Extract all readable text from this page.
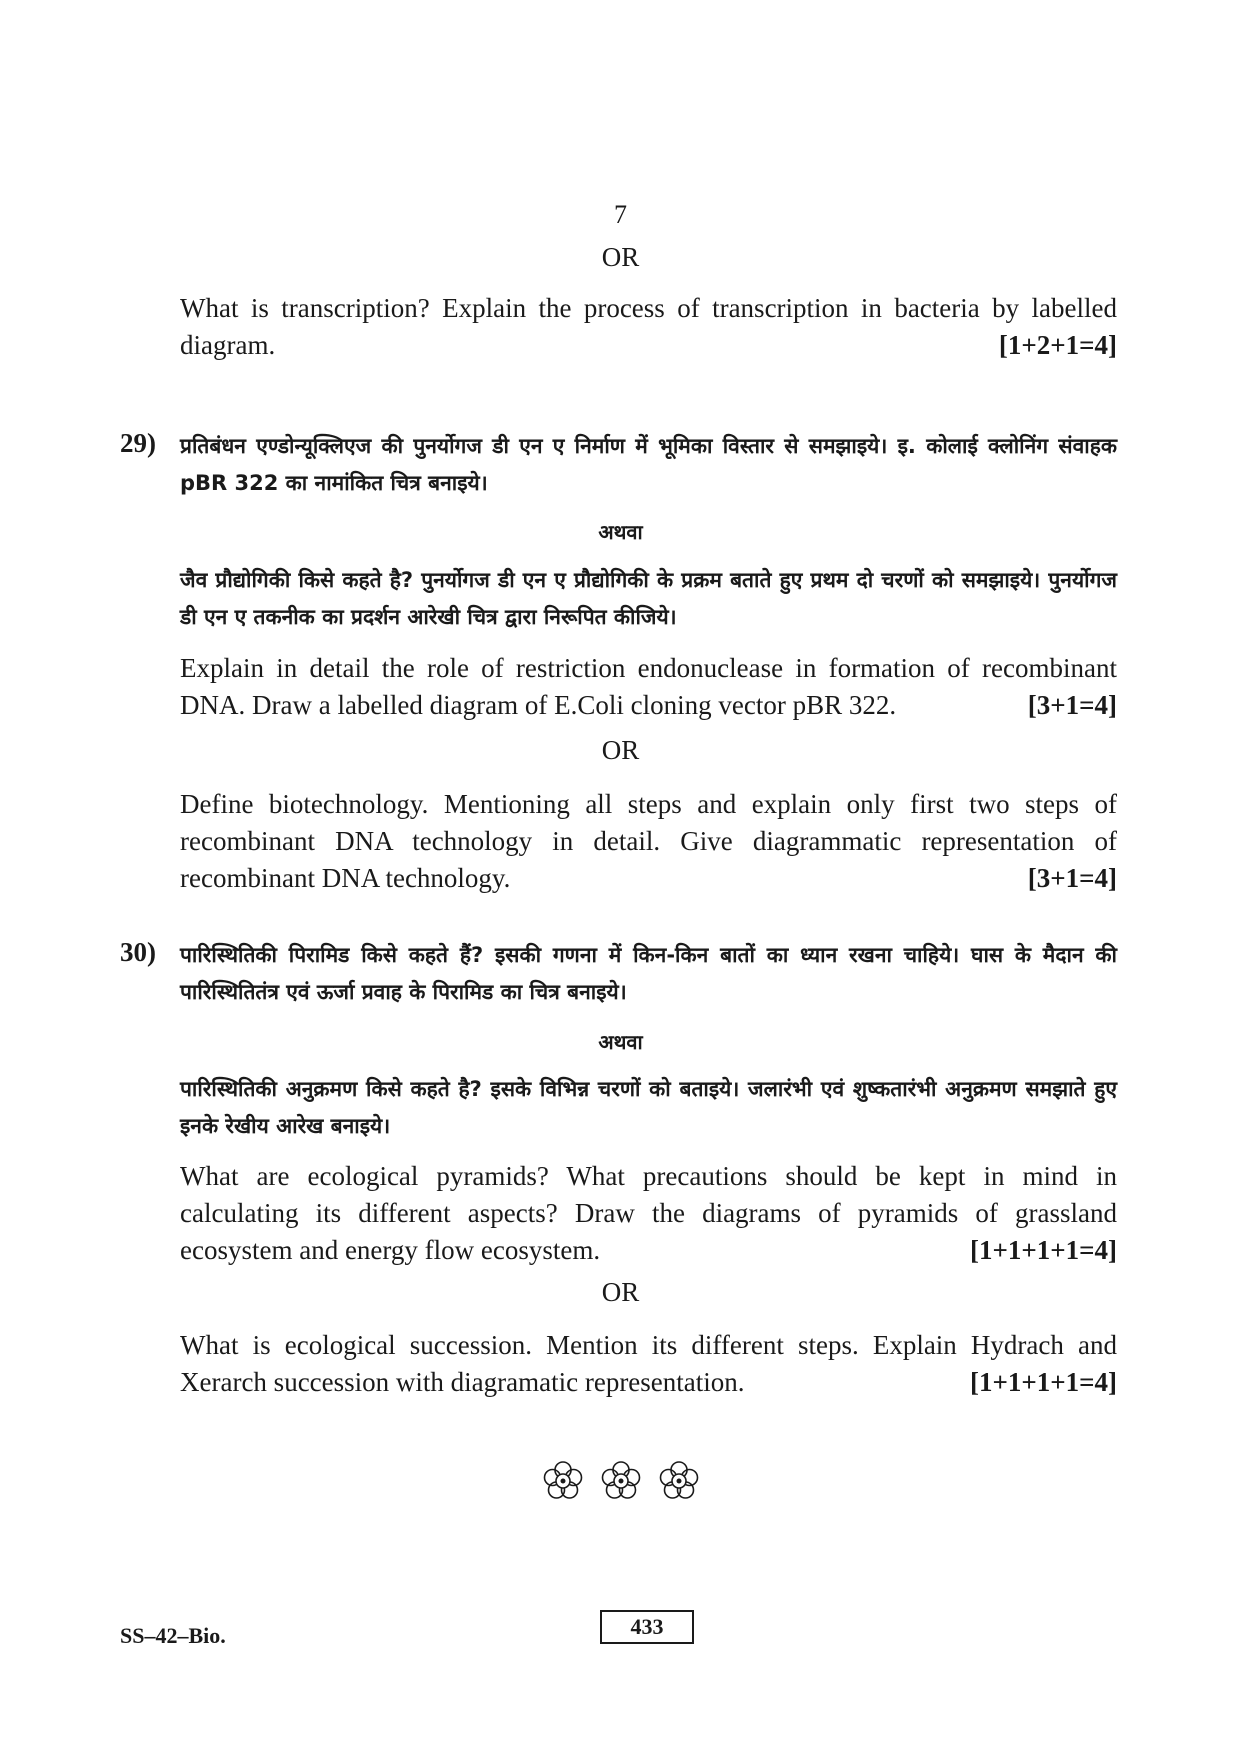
7
OR
What is transcription? Explain the process of transcription in bacteria by labelled diagram.	[1+2+1=4]
29) प्रतिबंधन एण्डोन्यूक्लिएज की पुनर्योगज डी एन ए निर्माण में भूमिका विस्तार से समझाइये। इ. कोलाई क्लोनिंग संवाहक pBR 322 का नामांकित चित्र बनाइये।
अथवा
जैव प्रौद्योगिकी किसे कहते है? पुनर्योगज डी एन ए प्रौद्योगिकी के प्रक्रम बताते हुए प्रथम दो चरणों को समझाइये। पुनर्योगज डी एन ए तकनीक का प्रदर्शन आरेखी चित्र द्वारा निरूपित कीजिये।
Explain in detail the role of restriction endonuclease in formation of recombinant DNA. Draw a labelled diagram of E.Coli cloning vector pBR 322.	[3+1=4]
OR
Define biotechnology. Mentioning all steps and explain only first two steps of recombinant DNA technology in detail. Give diagrammatic representation of recombinant DNA technology.	[3+1=4]
30) पारिस्थितिकी पिरामिड किसे कहते हैं? इसकी गणना में किन-किन बातों का ध्यान रखना चाहिये। घास के मैदान की पारिस्थितितंत्र एवं ऊर्जा प्रवाह के पिरामिड का चित्र बनाइये।
अथवा
पारिस्थितिकी अनुक्रमण किसे कहते है? इसके विभिन्न चरणों को बताइये। जलारंभी एवं शुष्कतारंभी अनुक्रमण समझाते हुए इनके रेखीय आरेख बनाइये।
What are ecological pyramids? What precautions should be kept in mind in calculating its different aspects? Draw the diagrams of pyramids of grassland ecosystem and energy flow ecosystem.	[1+1+1+1=4]
OR
What is ecological succession. Mention its different steps. Explain Hydrach and Xerarch succession with diagramatic representation.	[1+1+1+1=4]

SS–42–Bio.	433
